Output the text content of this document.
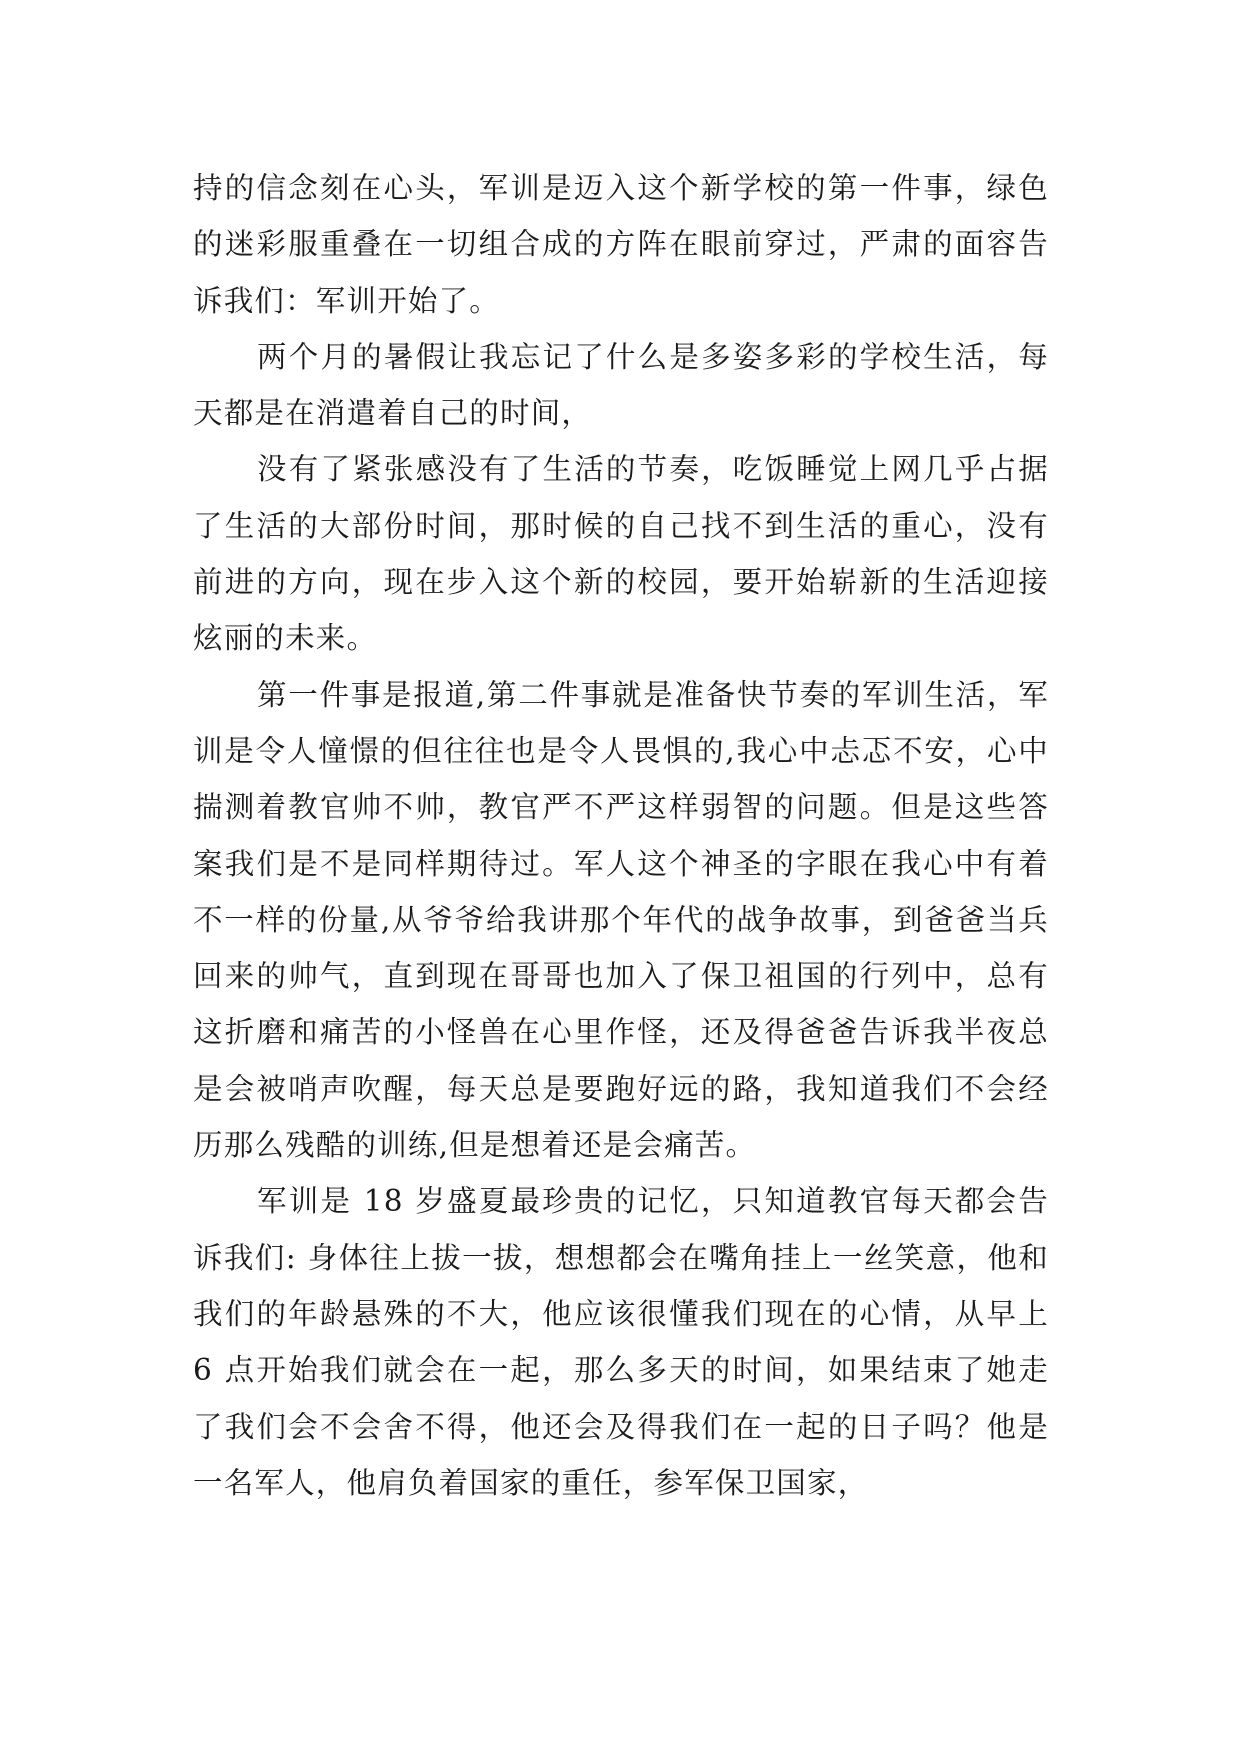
持的信念刻在心头，军训是迈入这个新学校的第一件事，绿色的迷彩服重叠在一切组合成的方阵在眼前穿过，严肃的面容告诉我们：军训开始了。

两个月的暑假让我忘记了什么是多姿多彩的学校生活，每天都是在消遣着自己的时间，

没有了紧张感没有了生活的节奏，吃饭睡觉上网几乎占据了生活的大部份时间，那时候的自己找不到生活的重心，没有前进的方向，现在步入这个新的校园，要开始崭新的生活迎接炫丽的未来。

第一件事是报道,第二件事就是准备快节奏的军训生活，军训是令人憧憬的但往往也是令人畏惧的,我心中忐忑不安，心中揣测着教官帅不帅，教官严不严这样弱智的问题。但是这些答案我们是不是同样期待过。军人这个神圣的字眼在我心中有着不一样的份量,从爷爷给我讲那个年代的战争故事，到爸爸当兵回来的帅气，直到现在哥哥也加入了保卫祖国的行列中，总有这折磨和痛苦的小怪兽在心里作怪，还及得爸爸告诉我半夜总是会被哨声吹醒，每天总是要跑好远的路，我知道我们不会经历那么残酷的训练,但是想着还是会痛苦。

军训是 18 岁盛夏最珍贵的记忆，只知道教官每天都会告诉我们: 身体往上拔一拔，想想都会在嘴角挂上一丝笑意，他和我们的年龄悬殊的不大，他应该很懂我们现在的心情，从早上 6 点开始我们就会在一起，那么多天的时间，如果结束了她走了我们会不会舍不得，他还会及得我们在一起的日子吗？他是一名军人，他肩负着国家的重任，参军保卫国家，
